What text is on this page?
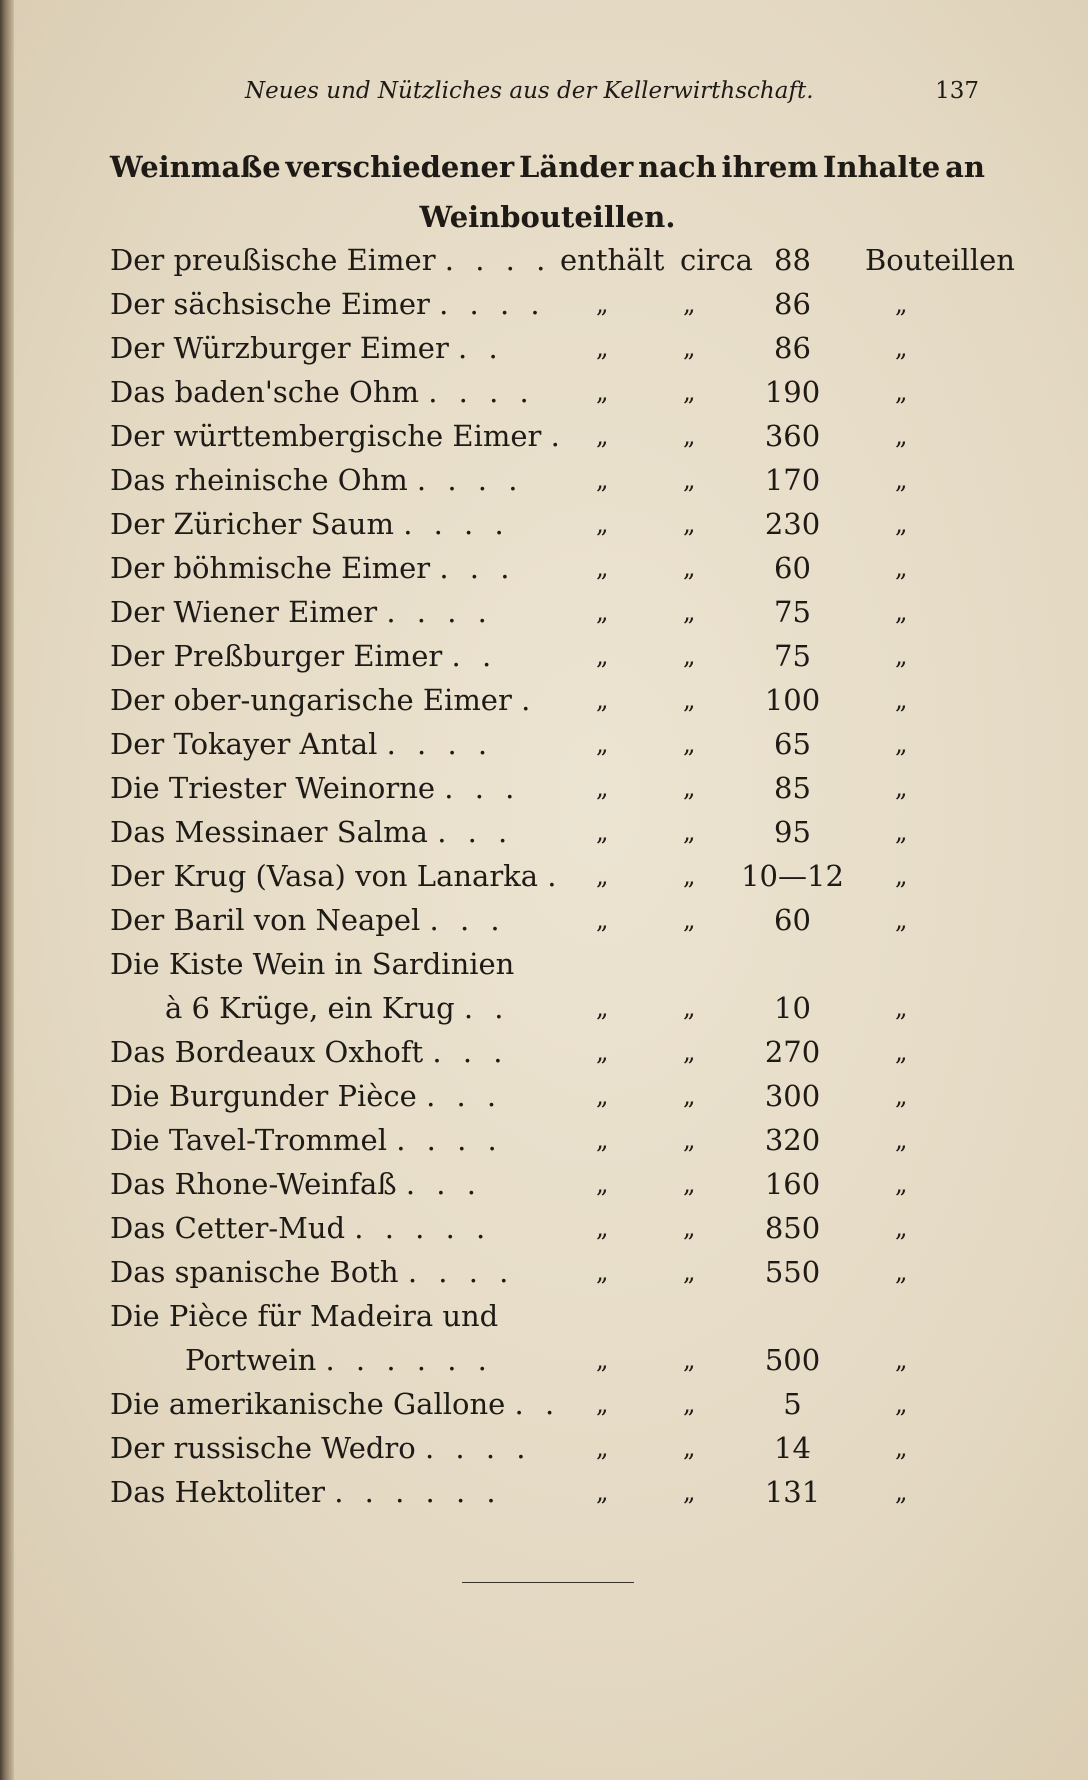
Neues und Nützliches aus der Kellerwirthschaft.	137
Weinmaße verschiedener Länder nach ihrem Inhalte an
Weinbouteillen.
Der preußische Eimer . . . . enthält circa 88	Bouteillen
Der sächsische Eimer . . . . „	„	86	„
Der Würzburger Eimer . .	„	„	86	„
Das baden'sche Ohm . . . .	„	„	190	„
Der württembergische Eimer . „	„	360	„
Das rheinische Ohm . . . .	„	„	170	„
Der Züricher Saum . . . .	„	„	230	„
Der böhmische Eimer . . .	„	„	60	„
Der Wiener Eimer . . . .	„	„	75	„
Der Preßburger Eimer . .	„	„	75	„
Der ober-ungarische Eimer . „	„	100	„
Der Tokayer Antal . . . .	„	„	65	„
Die Triester Weinorne . . .	„	„	85	„
Das Messinaer Salma . . .	„	„	95	„
Der Krug (Vasa) von Lanarka . „	„	10—12	„
Der Baril von Neapel . . .	„	„	60	„
Die Kiste Wein in Sardinien
à 6 Krüge, ein Krug . .	„	„	10	„
Das Bordeaux Oxhoft . . .	„	„	270	„
Die Burgunder Pièce . . .	„	„	300	„
Die Tavel-Trommel . . . .	„	„	320	„
Das Rhone-Weinfaß . . .	„	„	160	„
Das Cetter-Mud . . . . .	„	„	850	„
Das spanische Both . . . .	„	„	550	„
Die Pièce für Madeira und
Portwein . . . . . .	„	„	500	„
Die amerikanische Gallone . . „	„	5	„
Der russische Wedro . . . .	„	„	14	„
Das Hektoliter . . . . . .	„	„	131	„
